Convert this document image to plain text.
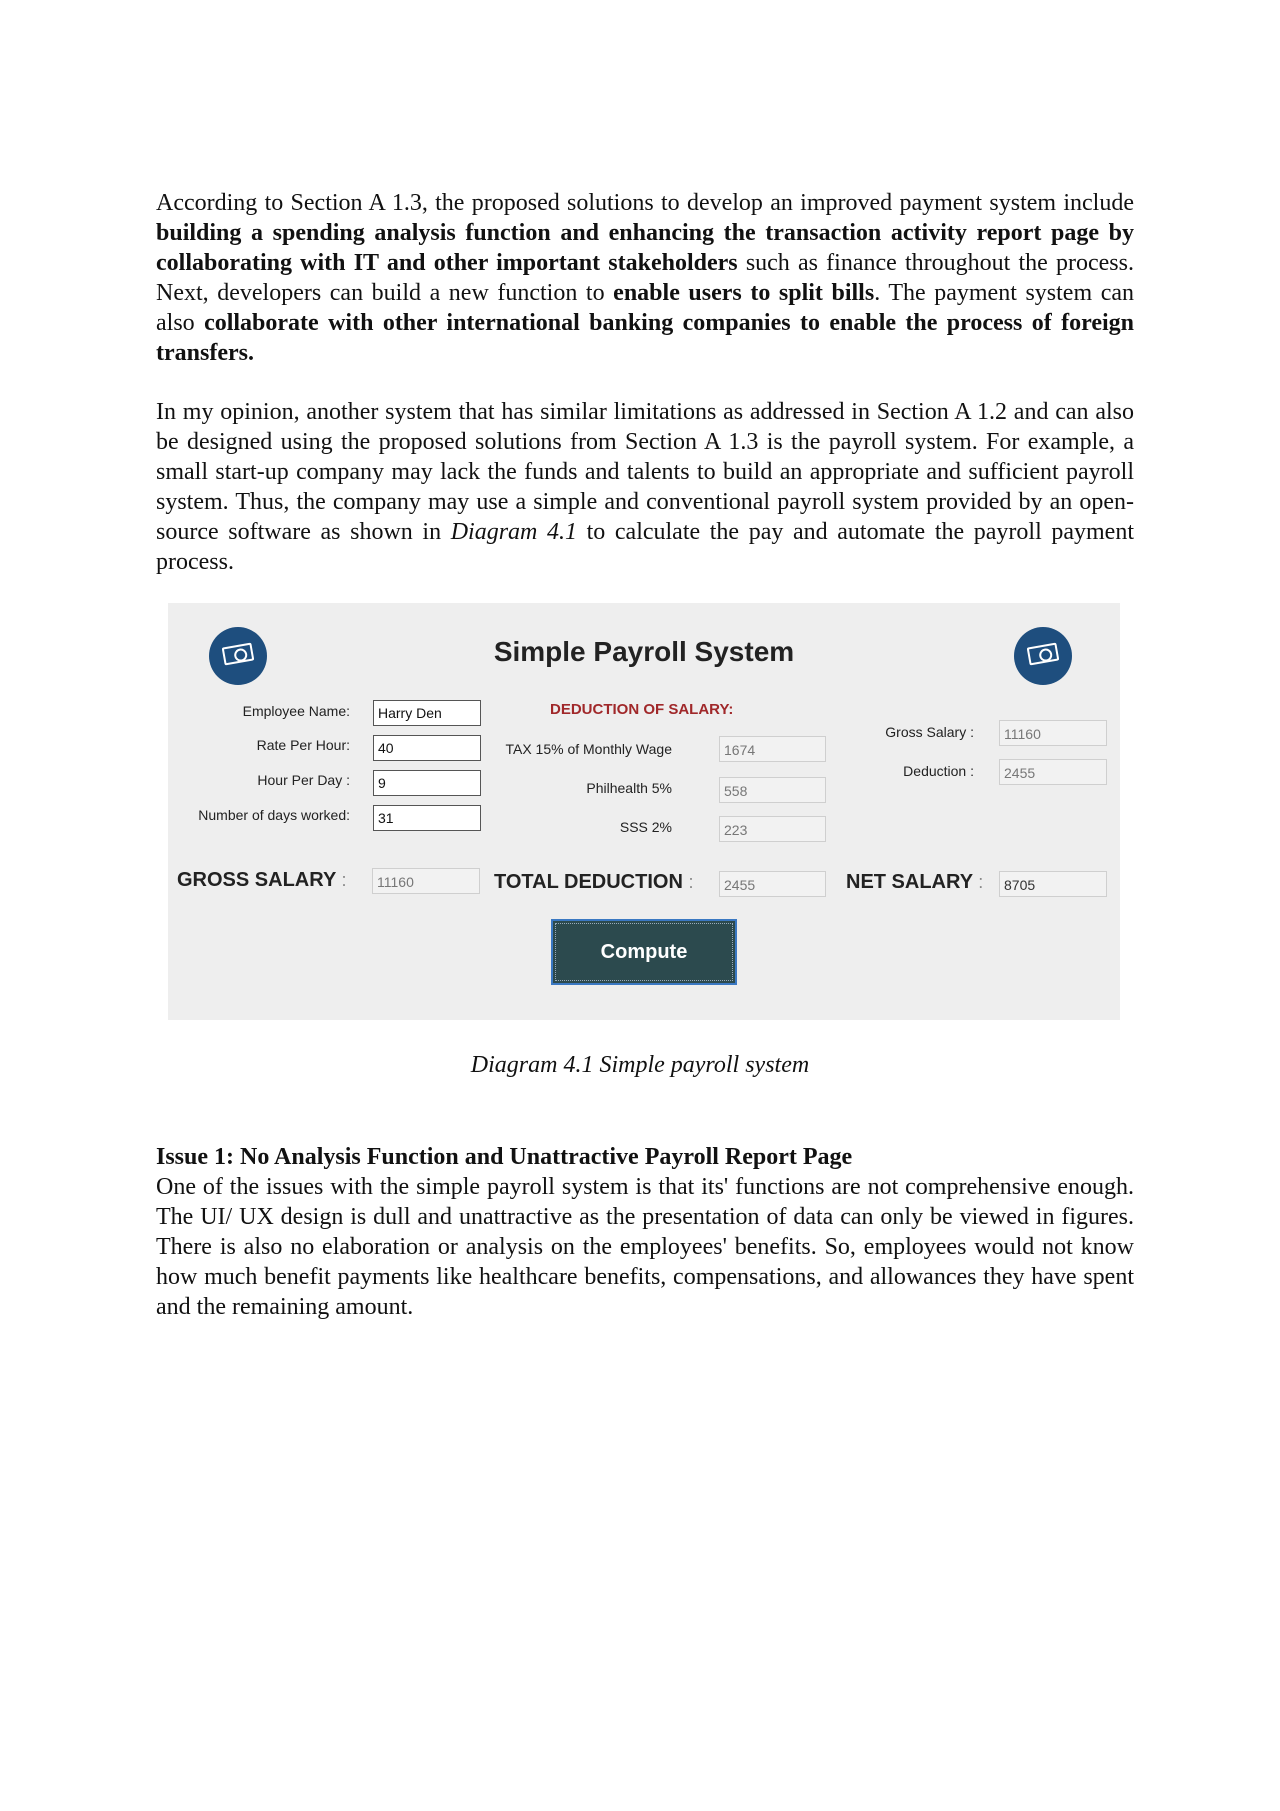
According to Section A 1.3, the proposed solutions to develop an improved payment system include building a spending analysis function and enhancing the transaction activity report page by collaborating with IT and other important stakeholders such as finance throughout the process. Next, developers can build a new function to enable users to split bills. The payment system can also collaborate with other international banking companies to enable the process of foreign transfers.

In my opinion, another system that has similar limitations as addressed in Section A 1.2 and can also be designed using the proposed solutions from Section A 1.3 is the payroll system. For example, a small start-up company may lack the funds and talents to build an appropriate and sufficient payroll system. Thus, the company may use a simple and conventional payroll system provided by an open-source software as shown in Diagram 4.1 to calculate the pay and automate the payroll payment process.

Simple Payroll System
Employee Name:	Harry Den
Rate Per Hour:	40
Hour Per Day :	9
Number of days worked:	31
DEDUCTION OF SALARY:
TAX 15% of Monthly Wage	1674
Philhealth 5%	558
SSS 2%	223
Gross Salary :	11160
Deduction :	2455
GROSS SALARY :	11160	TOTAL DEDUCTION :	2455	NET SALARY :	8705
Compute
Diagram 4.1 Simple payroll system

Issue 1: No Analysis Function and Unattractive Payroll Report Page
One of the issues with the simple payroll system is that its' functions are not comprehensive enough. The UI/ UX design is dull and unattractive as the presentation of data can only be viewed in figures. There is also no elaboration or analysis on the employees' benefits. So, employees would not know how much benefit payments like healthcare benefits, compensations, and allowances they have spent and the remaining amount.
